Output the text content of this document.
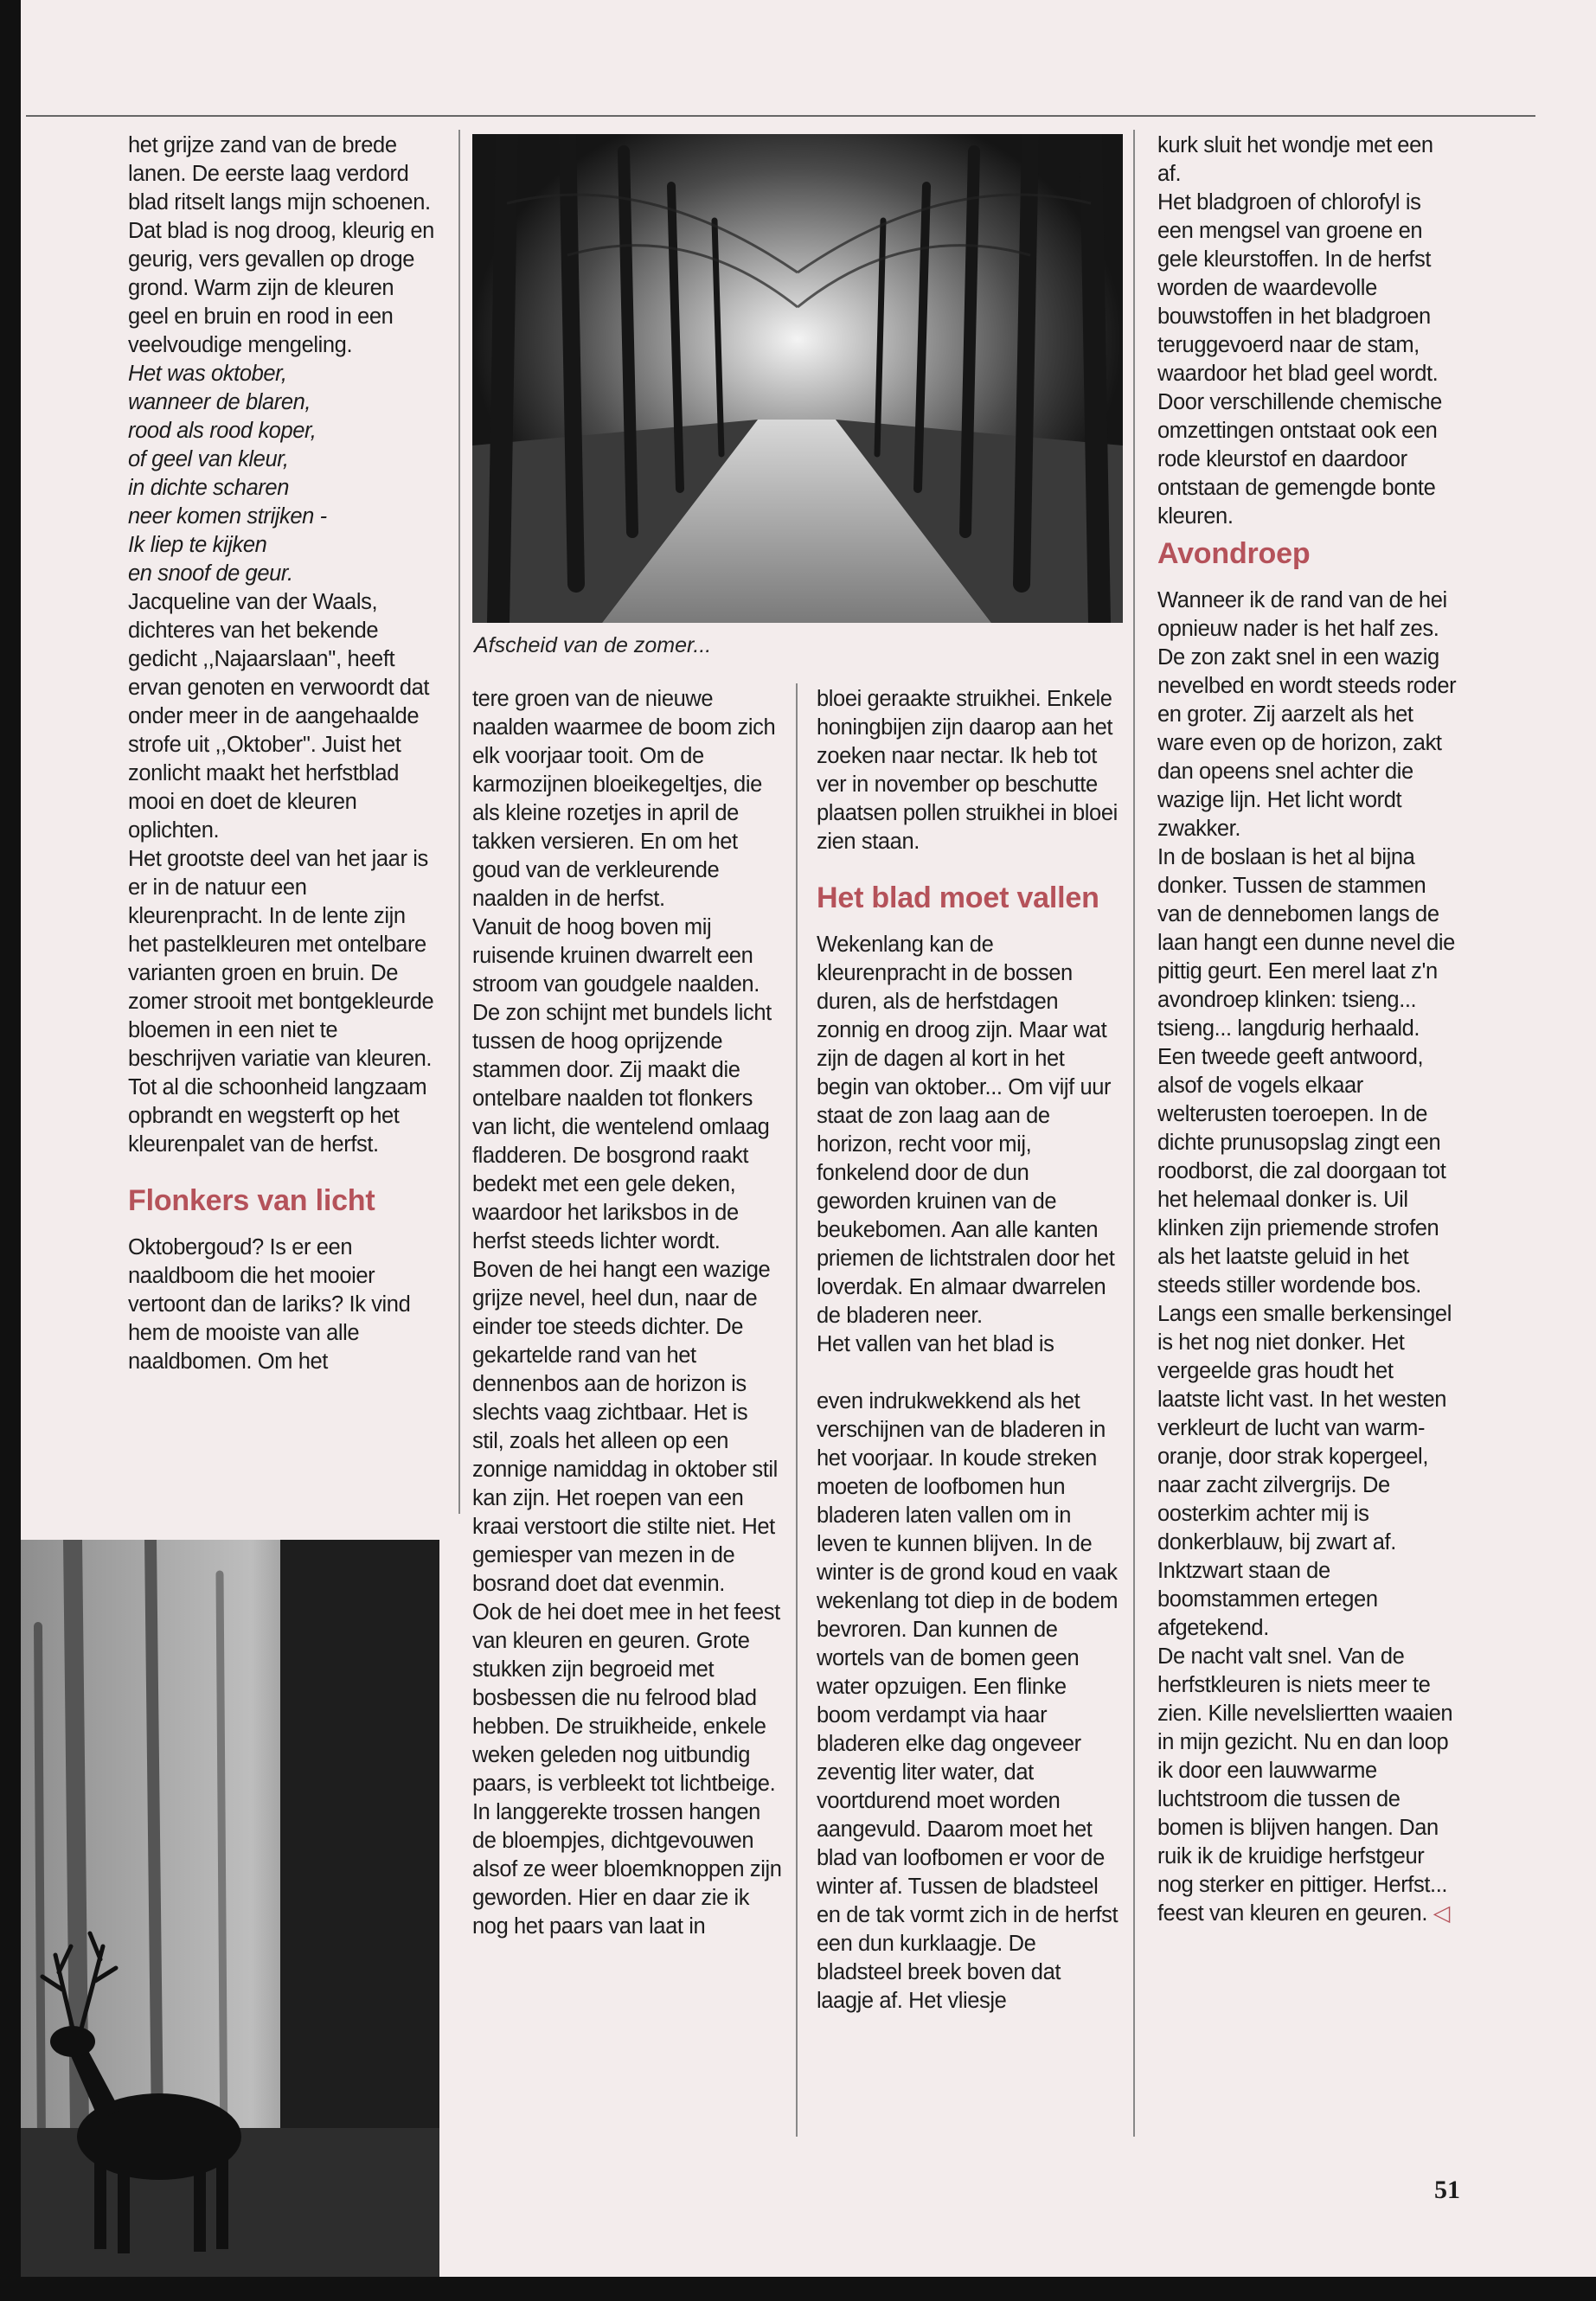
het grijze zand van de brede lanen. De eerste laag verdord blad ritselt langs mijn schoenen. Dat blad is nog droog, kleurig en geurig, vers gevallen op droge grond. Warm zijn de kleuren geel en bruin en rood in een veelvoudige mengeling.

Het was oktober,

wanneer de blaren,

rood als rood koper,

of geel van kleur,

in dichte scharen

neer komen strijken -

Ik liep te kijken

en snoof de geur.

Jacqueline van der Waals, dichteres van het bekende gedicht ,,Najaarslaan'', heeft ervan genoten en verwoordt dat onder meer in de aangehaalde strofe uit ,,Oktober''. Juist het zonlicht maakt het herfstblad mooi en doet de kleuren oplichten.

Het grootste deel van het jaar is er in de natuur een kleurenpracht. In de lente zijn het pastelkleuren met ontelbare varianten groen en bruin. De zomer strooit met bontgekleurde bloemen in een niet te beschrijven variatie van kleuren. Tot al die schoonheid langzaam opbrandt en wegsterft op het kleurenpalet van de herfst.

Flonkers van licht

Oktobergoud? Is er een naaldboom die het mooier vertoont dan de lariks? Ik vind hem de mooiste van alle naaldbomen. Om het

Afscheid van de zomer...

tere groen van de nieuwe naalden waarmee de boom zich elk voorjaar tooit. Om de karmozijnen bloeikegeltjes, die als kleine rozetjes in april de takken versieren. En om het goud van de verkleurende naalden in de herfst.

Vanuit de hoog boven mij ruisende kruinen dwarrelt een stroom van goudgele naalden. De zon schijnt met bundels licht tussen de hoog oprijzende stammen door. Zij maakt die ontelbare naalden tot flonkers van licht, die wentelend omlaag fladderen. De bosgrond raakt bedekt met een gele deken, waardoor het lariksbos in de herfst steeds lichter wordt.

Boven de hei hangt een wazige grijze nevel, heel dun, naar de einder toe steeds dichter. De gekartelde rand van het dennenbos aan de horizon is slechts vaag zichtbaar. Het is stil, zoals het alleen op een zonnige namiddag in oktober stil kan zijn. Het roepen van een kraai verstoort die stilte niet. Het gemiesper van mezen in de bosrand doet dat evenmin.

Ook de hei doet mee in het feest van kleuren en geuren. Grote stukken zijn begroeid met bosbessen die nu felrood blad hebben. De struikheide, enkele weken geleden nog uitbundig paars, is verbleekt tot lichtbeige. In langgerekte trossen hangen de bloempjes, dichtgevouwen alsof ze weer bloemknoppen zijn geworden. Hier en daar zie ik nog het paars van laat in

bloei geraakte struikhei. Enkele honingbijen zijn daarop aan het zoeken naar nectar. Ik heb tot ver in november op beschutte plaatsen pollen struikhei in bloei zien staan.

Het blad moet vallen

Wekenlang kan de kleurenpracht in de bossen duren, als de herfstdagen zonnig en droog zijn. Maar wat zijn de dagen al kort in het begin van oktober... Om vijf uur staat de zon laag aan de horizon, recht voor mij, fonkelend door de dun geworden kruinen van de beukebomen. Aan alle kanten priemen de lichtstralen door het loverdak. En almaar dwarrelen de bladeren neer.

Het vallen van het blad is

even indrukwekkend als het verschijnen van de bladeren in het voorjaar. In koude streken moeten de loofbomen hun bladeren laten vallen om in leven te kunnen blijven. In de winter is de grond koud en vaak wekenlang tot diep in de bodem bevroren. Dan kunnen de wortels van de bomen geen water opzuigen. Een flinke boom verdampt via haar bladeren elke dag ongeveer zeventig liter water, dat voortdurend moet worden aangevuld. Daarom moet het blad van loofbomen er voor de winter af. Tussen de bladsteel en de tak vormt zich in de herfst een dun kurklaagje. De bladsteel breek boven dat laagje af. Het vliesje

kurk sluit het wondje met een af.

Het bladgroen of chlorofyl is een mengsel van groene en gele kleurstoffen. In de herfst worden de waardevolle bouwstoffen in het bladgroen teruggevoerd naar de stam, waardoor het blad geel wordt. Door verschillende chemische omzettingen ontstaat ook een rode kleurstof en daardoor ontstaan de gemengde bonte kleuren.

Avondroep

Wanneer ik de rand van de hei opnieuw nader is het half zes. De zon zakt snel in een wazig nevelbed en wordt steeds roder en groter. Zij aarzelt als het ware even op de horizon, zakt dan opeens snel achter die wazige lijn. Het licht wordt zwakker.

In de boslaan is het al bijna donker. Tussen de stammen van de dennebomen langs de laan hangt een dunne nevel die pittig geurt. Een merel laat z'n avondroep klinken: tsieng... tsieng... langdurig herhaald. Een tweede geeft antwoord, alsof de vogels elkaar welterusten toeroepen. In de dichte prunusopslag zingt een roodborst, die zal doorgaan tot het helemaal donker is. Uil klinken zijn priemende strofen als het laatste geluid in het steeds stiller wordende bos. Langs een smalle berkensingel is het nog niet donker. Het vergeelde gras houdt het laatste licht vast. In het westen verkleurt de lucht van warm-oranje, door strak kopergeel, naar zacht zilvergrijs. De oosterkim achter mij is donkerblauw, bij zwart af. Inktzwart staan de boomstammen ertegen afgetekend.

De nacht valt snel. Van de herfstkleuren is niets meer te zien. Kille nevelsliertten waaien in mijn gezicht. Nu en dan loop ik door een lauwwarme luchtstroom die tussen de bomen is blijven hangen. Dan ruik ik de kruidige herfstgeur nog sterker en pittiger. Herfst... feest van kleuren en geuren. ◁

51
